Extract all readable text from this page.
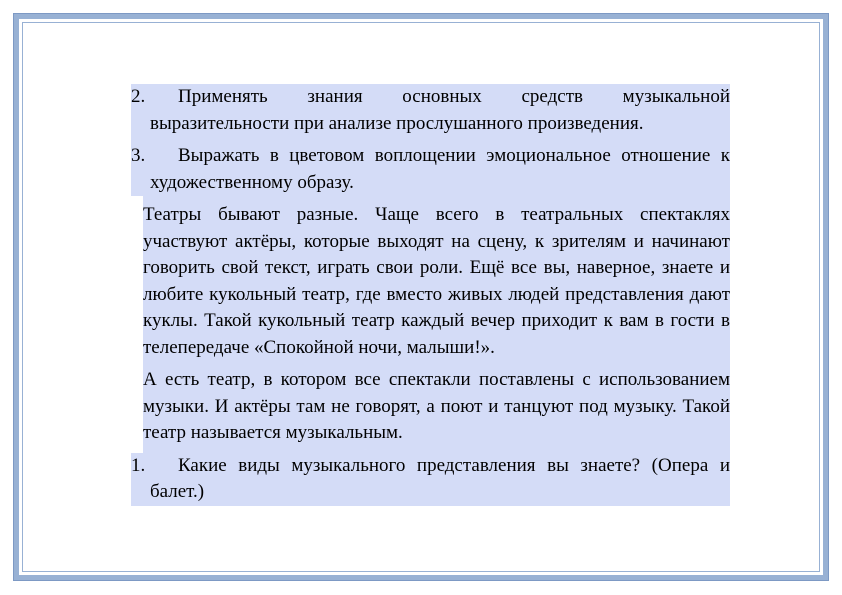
2.	Применять знания основных средств музыкальной выразительности при анализе прослушанного произведения.
3.	Выражать в цветовом воплощении эмоциональное отношение к художественному образу.
Театры бывают разные. Чаще всего в театральных спектаклях участвуют актёры, которые выходят на сцену, к зрителям и начинают говорить свой текст, играть свои роли. Ещё все вы, наверное, знаете и любите кукольный театр, где вместо живых людей представления дают куклы. Такой кукольный театр каждый вечер приходит к вам в гости в телепередаче «Спокойной ночи, малыши!».
А есть театр, в котором все спектакли поставлены с использованием музыки. И актёры там не говорят, а поют и танцуют под музыку. Такой театр называется музыкальным.
1.	Какие виды музыкального представления вы знаете? (Опера и балет.)
